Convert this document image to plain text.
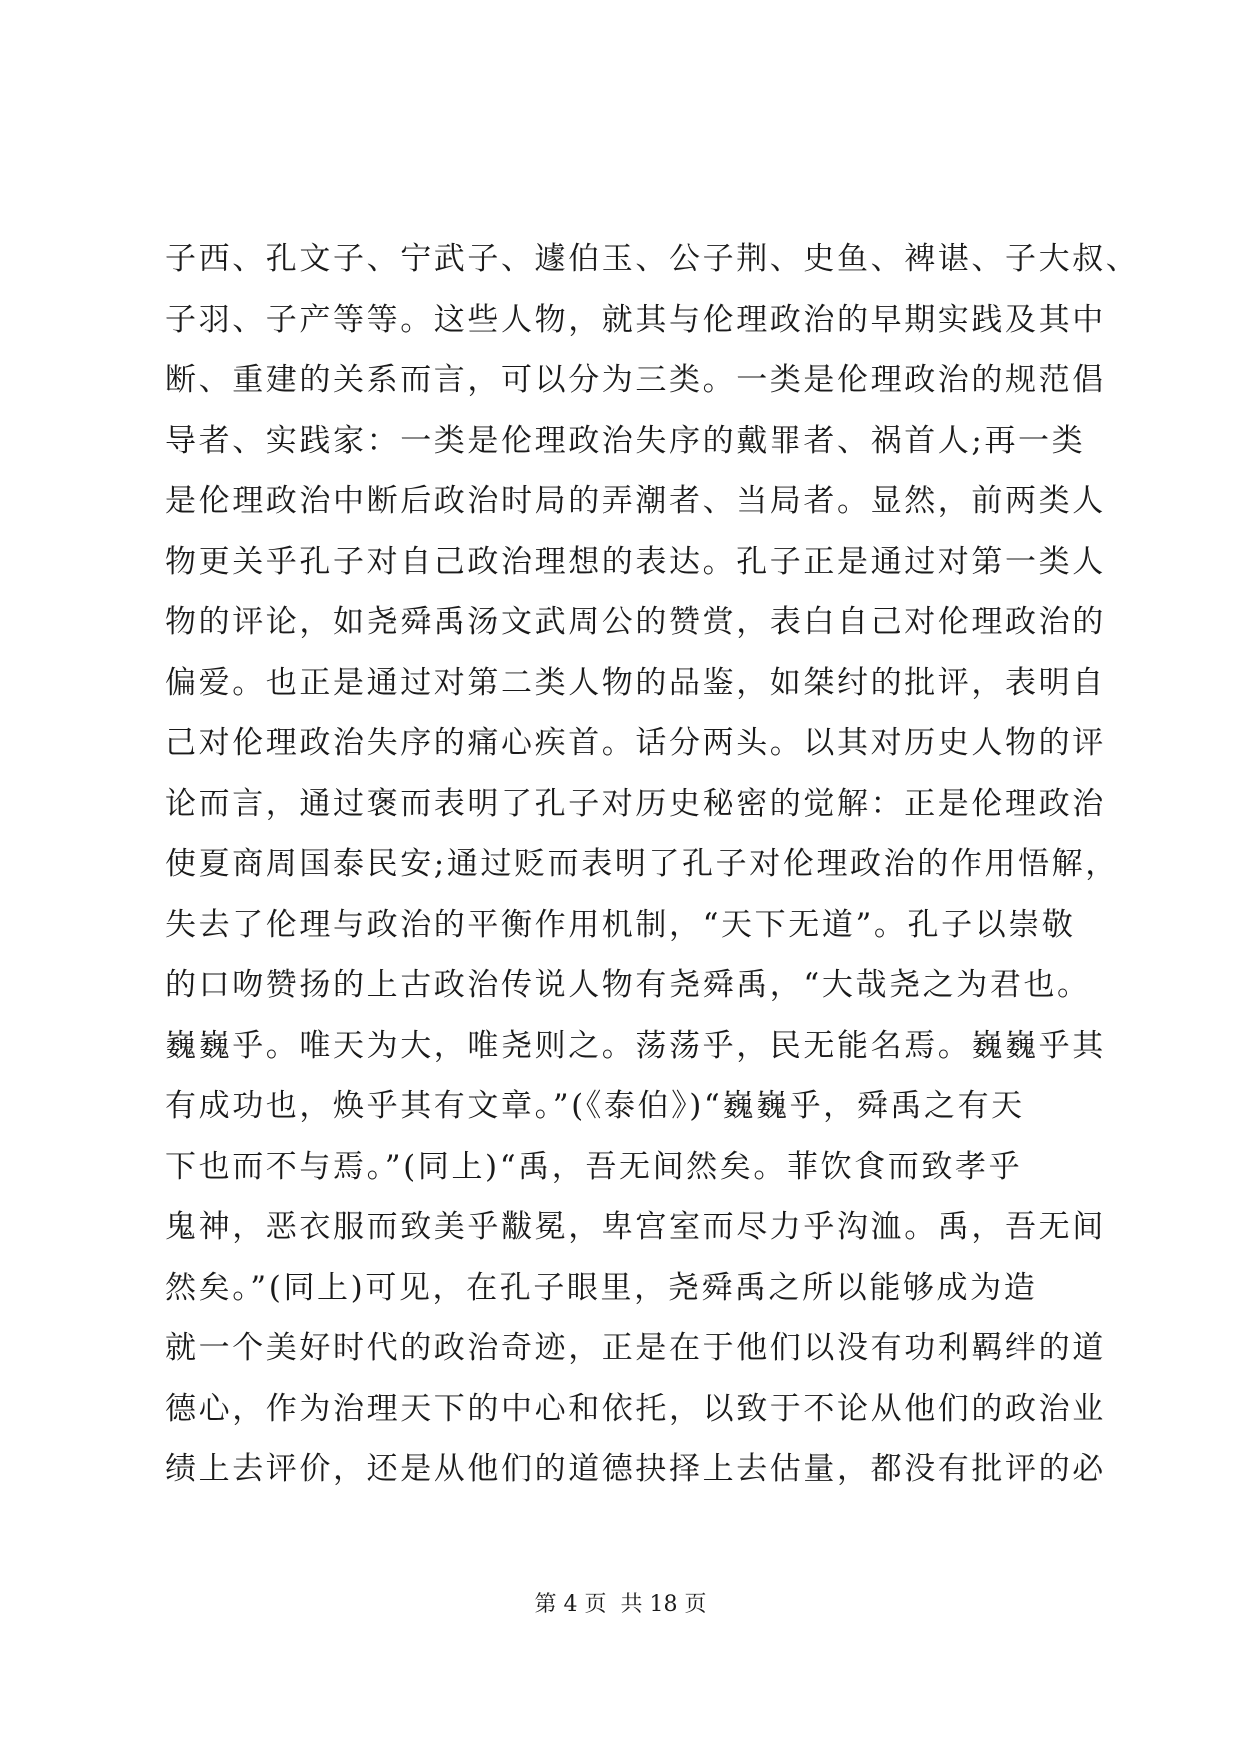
子西、孔文子、宁武子、遽伯玉、公子荆、史鱼、裨谌、子大叔、
子羽、子产等等。这些人物，就其与伦理政治的早期实践及其中
断、重建的关系而言，可以分为三类。一类是伦理政治的规范倡
导者、实践家：一类是伦理政治失序的戴罪者、祸首人;再一类
是伦理政治中断后政治时局的弄潮者、当局者。显然，前两类人
物更关乎孔子对自己政治理想的表达。孔子正是通过对第一类人
物的评论，如尧舜禹汤文武周公的赞赏，表白自己对伦理政治的
偏爱。也正是通过对第二类人物的品鉴，如桀纣的批评，表明自
己对伦理政治失序的痛心疾首。话分两头。以其对历史人物的评
论而言，通过褒而表明了孔子对历史秘密的觉解：正是伦理政治
使夏商周国泰民安;通过贬而表明了孔子对伦理政治的作用悟解，
失去了伦理与政治的平衡作用机制，“天下无道”。孔子以崇敬
的口吻赞扬的上古政治传说人物有尧舜禹，“大哉尧之为君也。
巍巍乎。唯天为大，唯尧则之。荡荡乎，民无能名焉。巍巍乎其
有成功也，焕乎其有文章。”(《泰伯》)“巍巍乎，舜禹之有天
下也而不与焉。”(同上)“禹，吾无间然矣。菲饮食而致孝乎
鬼神，恶衣服而致美乎黻冕，卑宫室而尽力乎沟洫。禹，吾无间
然矣。”(同上)可见，在孔子眼里，尧舜禹之所以能够成为造
就一个美好时代的政治奇迹，正是在于他们以没有功利羁绊的道
德心，作为治理天下的中心和依托，以致于不论从他们的政治业
绩上去评价，还是从他们的道德抉择上去估量，都没有批评的必
第 4 页  共 18 页
